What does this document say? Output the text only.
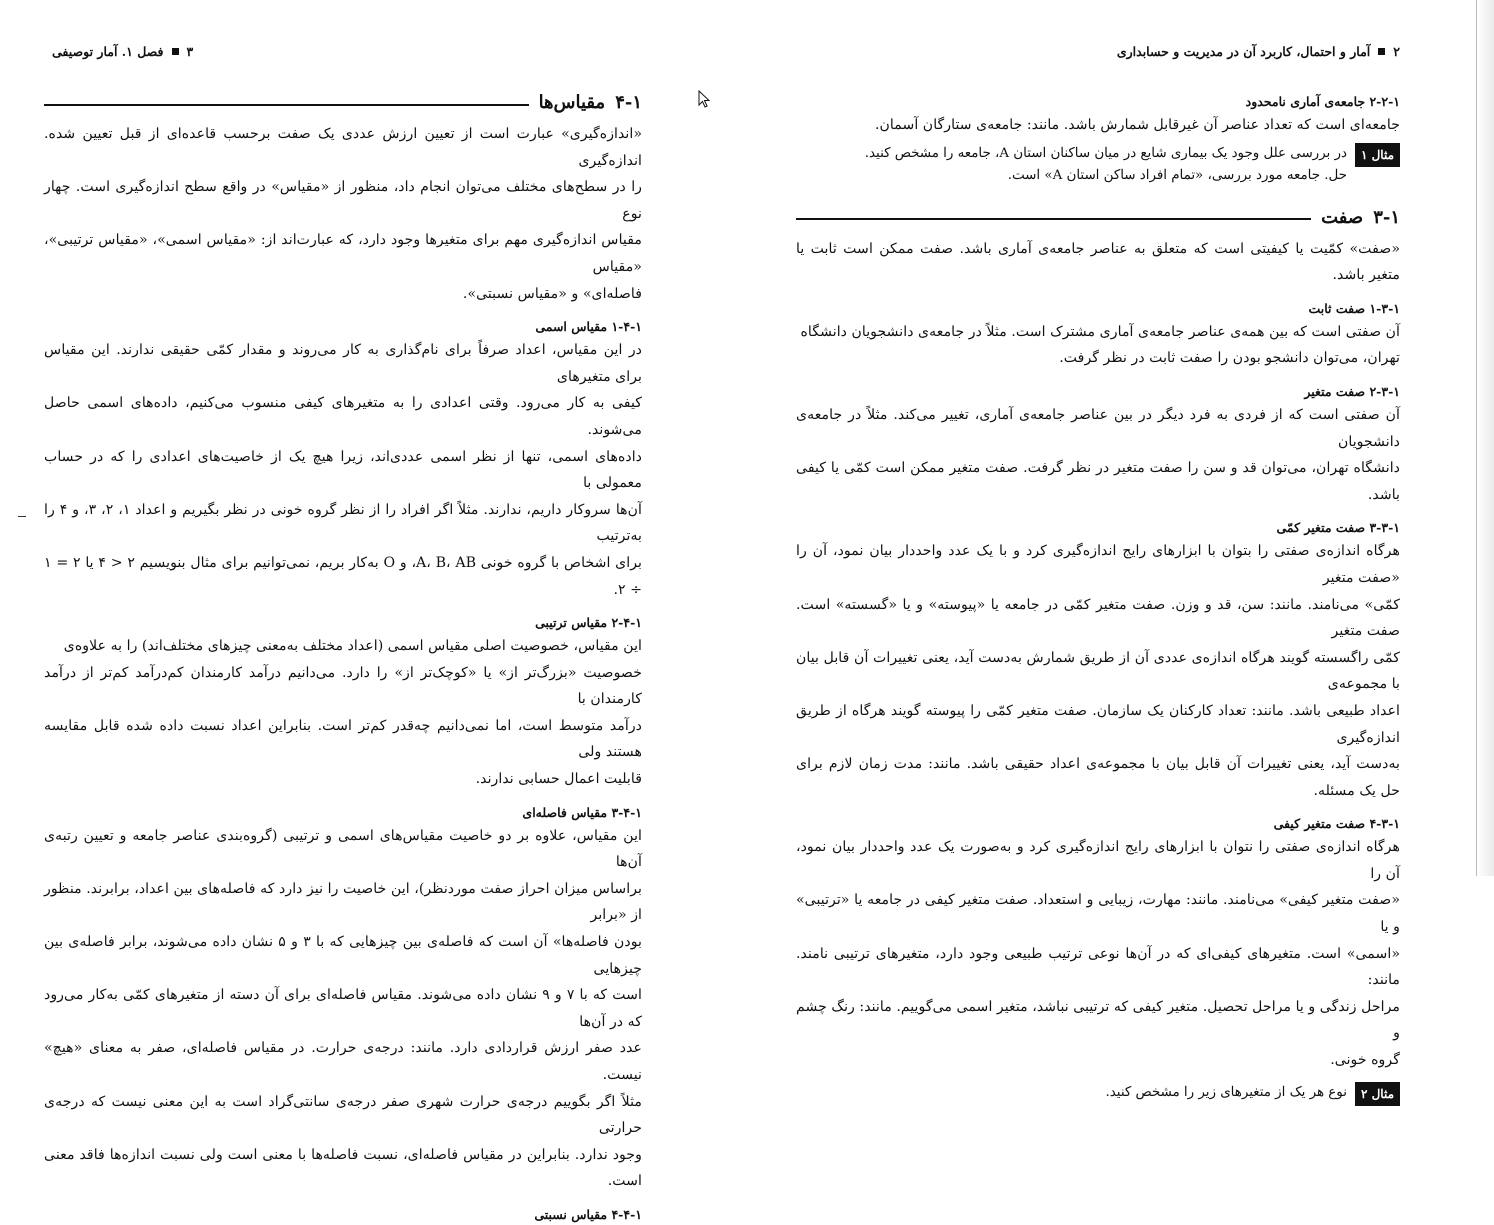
۳
فصل ۱. آمار توصیفی
۴-۱
مقیاس‌ها

«اندازه‌گیری» عبارت است از تعیین ارزش عددی یک صفت برحسب قاعده‌ای از قبل تعیین شده. اندازه‌گیری

را در سطح‌های مختلف می‌توان انجام داد، منظور از «مقیاس» در واقع سطح اندازه‌گیری است. چهار نوع

مقیاس اندازه‌گیری مهم برای متغیرها وجود دارد، که عبارت‌اند از: «مقیاس اسمی»، «مقیاس ترتیبی»، «مقیاس

فاصله‌ای» و «مقیاس نسبتی».

۱-۴-۱ مقیاس اسمی

در این مقیاس، اعداد صرفاً برای نام‌گذاری به کار می‌روند و مقدار کمّی حقیقی ندارند. این مقیاس برای متغیرهای

کیفی به کار می‌رود. وقتی اعدادی را به متغیرهای کیفی منسوب می‌کنیم، داده‌های اسمی حاصل می‌شوند.

داده‌های اسمی، تنها از نظر اسمی عددی‌اند، زیرا هیچ یک از خاصیت‌های اعدادی را که در حساب معمولی با

آن‌ها سروکار داریم، ندارند. مثلاً اگر افراد را از نظر گروه خونی در نظر بگیریم و اعداد ۱، ۲، ۳، و ۴ را به‌ترتیب

برای اشخاص با گروه خونی A، B، AB، و O به‌کار بریم، نمی‌توانیم برای مثال بنویسیم ۲ < ۴ یا ۲ = ۱ ÷ ۲.

۲-۴-۱ مقیاس ترتیبی

این مقیاس، خصوصیت اصلی مقیاس اسمی (اعداد مختلف به‌معنی چیزهای مختلف‌اند) را به علاوه‌ی

خصوصیت «بزرگ‌تر از» یا «کوچک‌تر از» را دارد. می‌دانیم درآمد کارمندان کم‌درآمد کم‌تر از درآمد کارمندان با

درآمد متوسط است، اما نمی‌دانیم چه‌قدر کم‌تر است. بنابراین اعداد نسبت داده شده قابل مقایسه هستند ولی

قابلیت اعمال حسابی ندارند.

۳-۴-۱ مقیاس فاصله‌ای

این مقیاس، علاوه بر دو خاصیت مقیاس‌های اسمی و ترتیبی (گروه‌بندی عناصر جامعه و تعیین رتبه‌ی آن‌ها

براساس میزان احراز صفت موردنظر)، این خاصیت را نیز دارد که فاصله‌های بین اعداد، برابرند. منظور از «برابر

بودن فاصله‌ها» آن است که فاصله‌ی بین چیزهایی که با ۳ و ۵ نشان داده می‌شوند، برابر فاصله‌ی بین چیزهایی

است که با ۷ و ۹ نشان داده می‌شوند. مقیاس فاصله‌ای برای آن دسته از متغیرهای کمّی به‌کار می‌رود که در آن‌ها

عدد صفر ارزش قراردادی دارد. مانند: درجه‌ی حرارت. در مقیاس فاصله‌ای، صفر به معنای «هیچ» نیست.

مثلاً اگر بگوییم درجه‌ی حرارت شهری صفر درجه‌ی سانتی‌گراد است به این معنی نیست که درجه‌ی حرارتی

وجود ندارد. بنابراین در مقیاس فاصله‌ای، نسبت فاصله‌ها با معنی است ولی نسبت اندازه‌ها فاقد معنی است.

۴-۴-۱ مقیاس نسبتی
۲
آمار و احتمال، کاربرد آن در مدیریت و حسابداری
۲-۲-۱ جامعه‌ی آماری نامحدود

جامعه‌ای است که تعداد عناصر آن غیرقابل شمارش باشد. مانند: جامعه‌ی ستارگان آسمان.

مثال ۱
در بررسی علل وجود یک بیماری شایع در میان ساکنان استان A، جامعه را مشخص کنید.
حل. جامعه مورد بررسی، «تمام افراد ساکن استان A» است.
۳-۱
صفت

«صفت» کمّیت یا کیفیتی است که متعلق به عناصر جامعه‌ی آماری باشد. صفت ممکن است ثابت یا متغیر باشد.

۱-۳-۱ صفت ثابت

آن صفتی است که بین همه‌ی عناصر جامعه‌ی آماری مشترک است. مثلاً در جامعه‌ی دانشجویان دانشگاه

تهران، می‌توان دانشجو بودن را صفت ثابت در نظر گرفت.

۲-۳-۱ صفت متغیر

آن صفتی است که از فردی به فرد دیگر در بین عناصر جامعه‌ی آماری، تغییر می‌کند. مثلاً در جامعه‌ی دانشجویان

دانشگاه تهران، می‌توان قد و سن را صفت متغیر در نظر گرفت. صفت متغیر ممکن است کمّی یا کیفی باشد.

۳-۳-۱ صفت متغیر کمّی

هرگاه اندازه‌ی صفتی را بتوان با ابزارهای رایج اندازه‌گیری کرد و با یک عدد واحددار بیان نمود، آن را «صفت متغیر

کمّی» می‌نامند. مانند: سن، قد و وزن. صفت متغیر کمّی در جامعه یا «پیوسته» و یا «گسسته» است. صفت متغیر

کمّی راگسسته گویند هرگاه اندازه‌ی عددی آن از طریق شمارش به‌دست آید، یعنی تغییرات آن قابل بیان با مجموعه‌ی

اعداد طبیعی باشد. مانند: تعداد کارکنان یک سازمان. صفت متغیر کمّی را پیوسته گویند هرگاه از طریق اندازه‌گیری

به‌دست آید، یعنی تغییرات آن قابل بیان با مجموعه‌ی اعداد حقیقی باشد. مانند: مدت زمان لازم برای حل یک مسئله.

۴-۳-۱ صفت متغیر کیفی

هرگاه اندازه‌ی صفتی را نتوان با ابزارهای رایج اندازه‌گیری کرد و به‌صورت یک عدد واحددار بیان نمود، آن را

«صفت متغیر کیفی» می‌نامند. مانند: مهارت، زیبایی و استعداد. صفت متغیر کیفی در جامعه یا «ترتیبی» و یا

«اسمی» است. متغیرهای کیفی‌ای که در آن‌ها نوعی ترتیب طبیعی وجود دارد، متغیرهای ترتیبی نامند. مانند:

مراحل زندگی و یا مراحل تحصیل. متغیر کیفی که ترتیبی نباشد، متغیر اسمی می‌گوییم. مانند: رنگ چشم و

گروه خونی.

مثال ۲
نوع هر یک از متغیرهای زیر را مشخص کنید.
